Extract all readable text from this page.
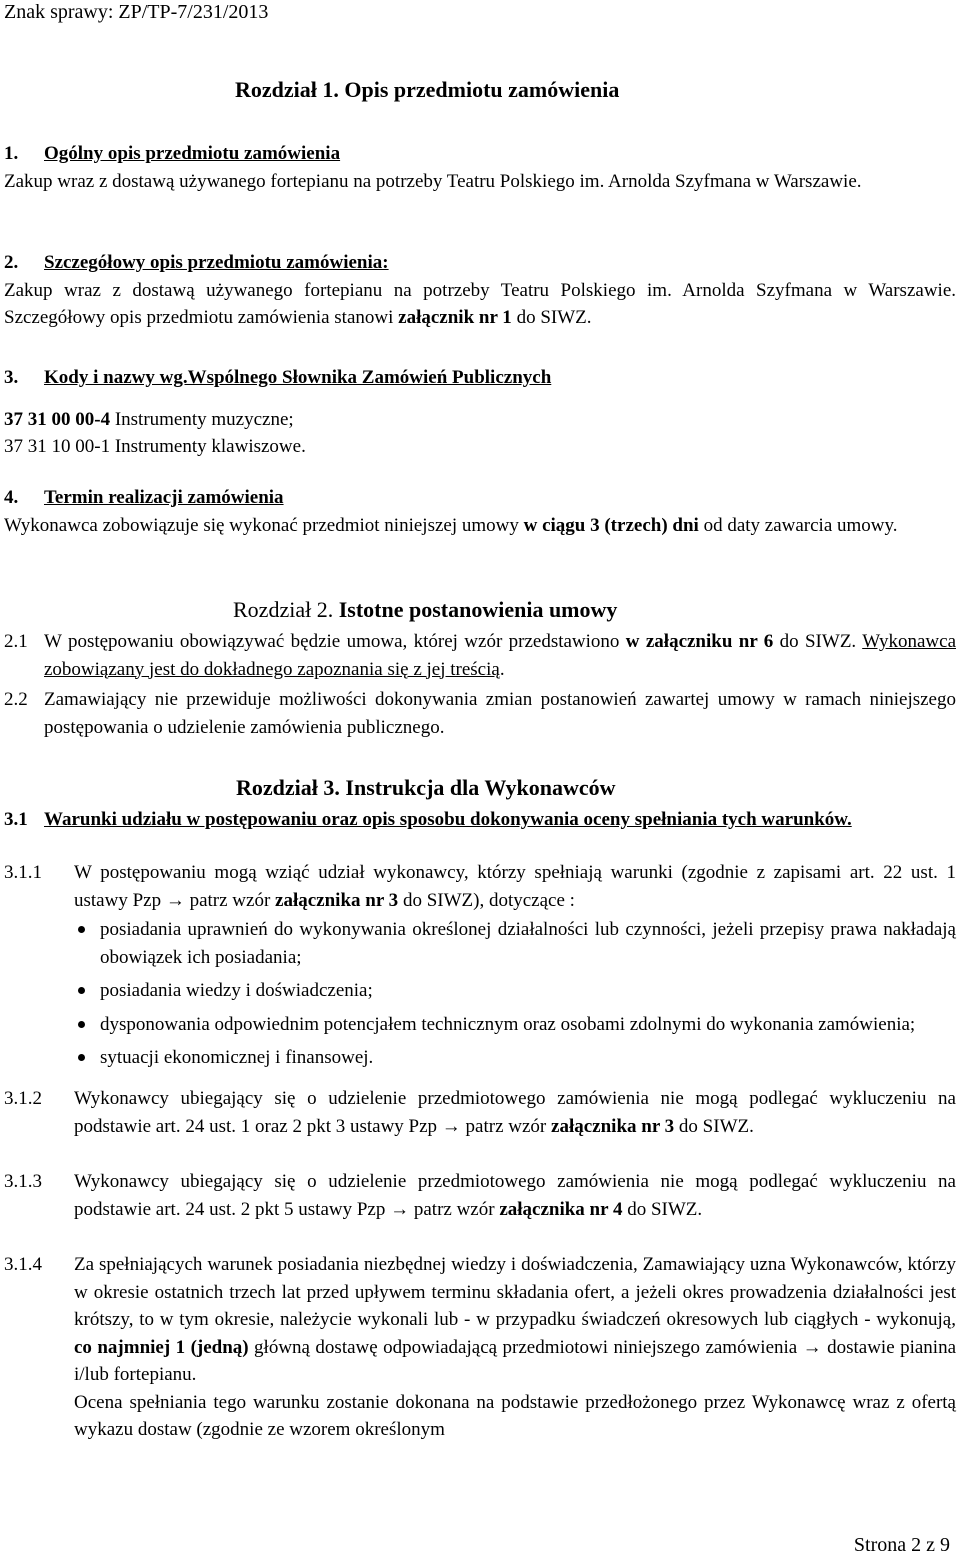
Znak sprawy: ZP/TP-7/231/2013
Rozdział 1. Opis przedmiotu zamówienia
1. Ogólny opis przedmiotu zamówienia
Zakup wraz z dostawą używanego fortepianu na potrzeby Teatru Polskiego im. Arnolda Szyfmana w Warszawie.
2. Szczegółowy opis przedmiotu zamówienia:
Zakup wraz z dostawą używanego fortepianu na potrzeby Teatru Polskiego im. Arnolda Szyfmana w Warszawie. Szczegółowy opis przedmiotu zamówienia stanowi załącznik nr 1 do SIWZ.
3. Kody i nazwy wg.Wspólnego Słownika Zamówień Publicznych
37 31 00 00-4 Instrumenty muzyczne;
37 31 10 00-1 Instrumenty klawiszowe.
4. Termin realizacji zamówienia
Wykonawca zobowiązuje się wykonać przedmiot niniejszej umowy w ciągu 3 (trzech) dni od daty zawarcia umowy.
Rozdział 2. Istotne postanowienia umowy
2.1 W postępowaniu obowiązywać będzie umowa, której wzór przedstawiono w załączniku nr 6 do SIWZ. Wykonawca zobowiązany jest do dokładnego zapoznania się z jej treścią.
2.2 Zamawiający nie przewiduje możliwości dokonywania zmian postanowień zawartej umowy w ramach niniejszego postępowania o udzielenie zamówienia publicznego.
Rozdział 3. Instrukcja dla Wykonawców
3.1 Warunki udziału w postępowaniu oraz opis sposobu dokonywania oceny spełniania tych warunków.
3.1.1	W postępowaniu mogą wziąć udział wykonawcy, którzy spełniają warunki (zgodnie z zapisami art. 22 ust. 1 ustawy Pzp → patrz wzór załącznika nr 3 do SIWZ), dotyczące :
posiadania uprawnień do wykonywania określonej działalności lub czynności, jeżeli przepisy prawa nakładają obowiązek ich posiadania;
posiadania wiedzy i doświadczenia;
dysponowania odpowiednim potencjałem technicznym oraz osobami zdolnymi do wykonania zamówienia;
sytuacji ekonomicznej i finansowej.
3.1.2	Wykonawcy ubiegający się o udzielenie przedmiotowego zamówienia nie mogą podlegać wykluczeniu na podstawie art. 24 ust. 1 oraz 2 pkt 3 ustawy Pzp → patrz wzór załącznika nr 3 do SIWZ.
3.1.3	Wykonawcy ubiegający się o udzielenie przedmiotowego zamówienia nie mogą podlegać wykluczeniu na podstawie art. 24 ust. 2 pkt 5 ustawy Pzp → patrz wzór załącznika nr 4 do SIWZ.
3.1.4	Za spełniających warunek posiadania niezbędnej wiedzy i doświadczenia, Zamawiający uzna Wykonawców, którzy w okresie ostatnich trzech lat przed upływem terminu składania ofert, a jeżeli okres prowadzenia działalności jest krótszy, to w tym okresie, należycie wykonali lub - w przypadku świadczeń okresowych lub ciągłych - wykonują, co najmniej 1 (jedną) główną dostawę odpowiadającą przedmiotowi niniejszego zamówienia → dostawie pianina i/lub fortepianu.
Ocena spełniania tego warunku zostanie dokonana na podstawie przedłożonego przez Wykonawcę wraz z ofertą wykazu dostaw (zgodnie ze wzorem określonym
Strona 2 z 9
